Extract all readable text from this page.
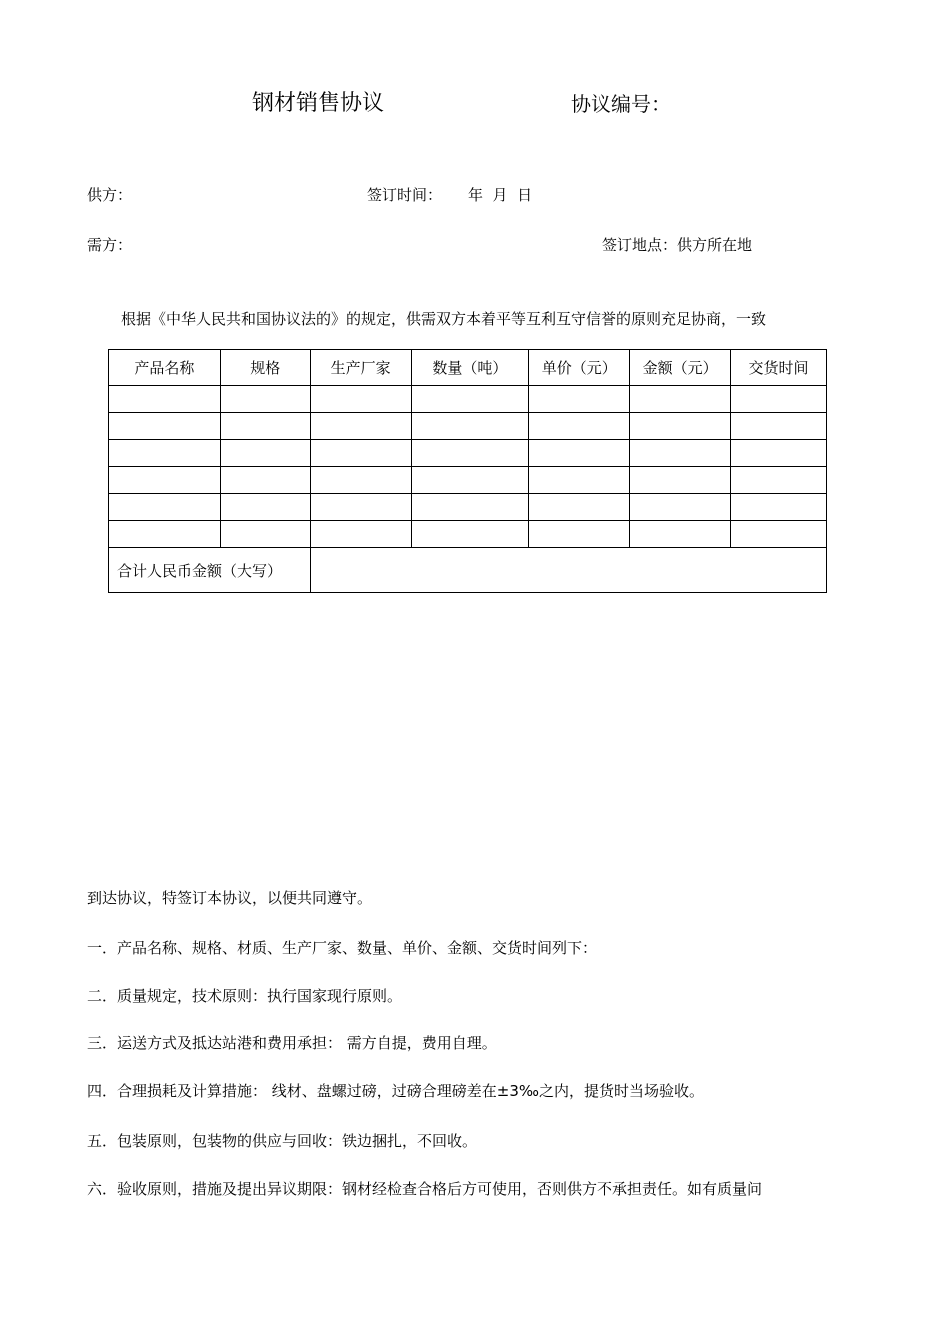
钢材销售协议	协议编号：
供方：	签订时间： 年  月  日
需方：	签订地点：供方所在地
根据《中华人民共和国协议法的》的规定，供需双方本着平等互利互守信誉的原则充足协商，一致
产品名称	规格	生产厂家	数量（吨）	单价（元）	金额（元）	交货时间

合计人民币金额（大写）						
到达协议，特签订本协议，以便共同遵守。
一．产品名称、规格、材质、生产厂家、数量、单价、金额、交货时间列下：
二．质量规定，技术原则：执行国家现行原则。
三．运送方式及抵达站港和费用承担： 需方自提，费用自理。
四．合理损耗及计算措施： 线材、盘螺过磅，过磅合理磅差在±3‰之内，提货时当场验收。
五．包装原则，包装物的供应与回收：铁边捆扎，不回收。
六．验收原则，措施及提出异议期限：钢材经检查合格后方可使用，否则供方不承担责任。如有质量问
